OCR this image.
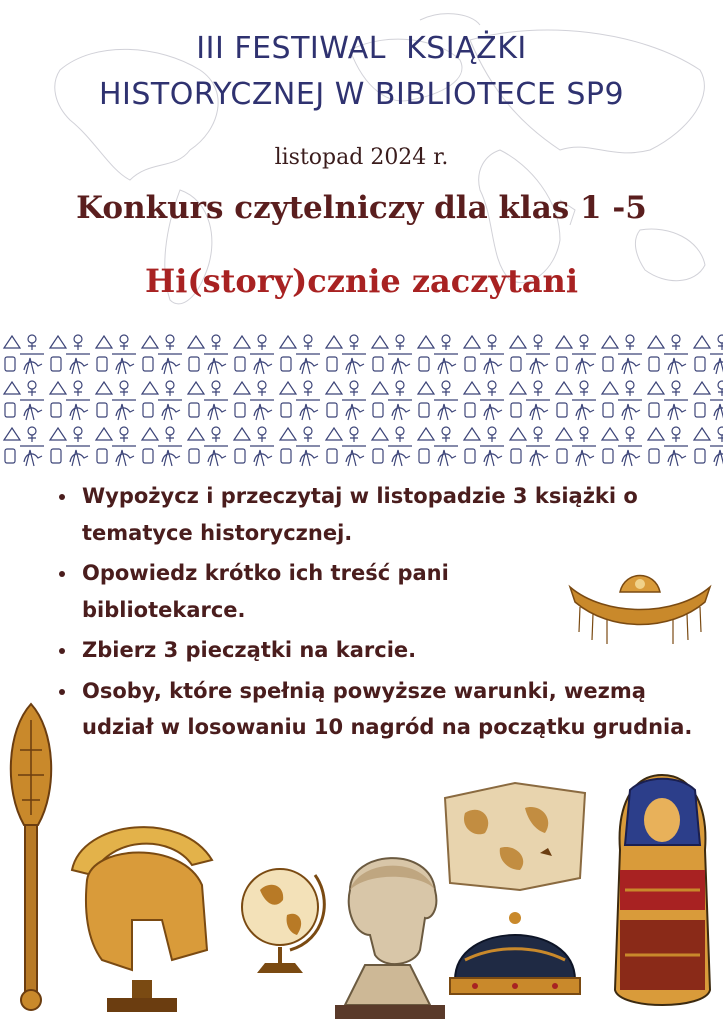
III FESTIWAL  KSIĄŻKI
HISTORYCZNEJ W BIBLIOTECE SP9
listopad 2024 r.
Konkurs czytelniczy dla klas 1 -5
Hi(story)cznie zaczytani
• Wypożycz i przeczytaj w listopadzie 3 książki o tematyce historycznej.
• Opowiedz krótko ich treść pani bibliotekarce.
• Zbierz 3 pieczątki na karcie.
• Osoby, które spełnią powyższe warunki, wezmą udział w losowaniu 10 nagród na początku grudnia.
